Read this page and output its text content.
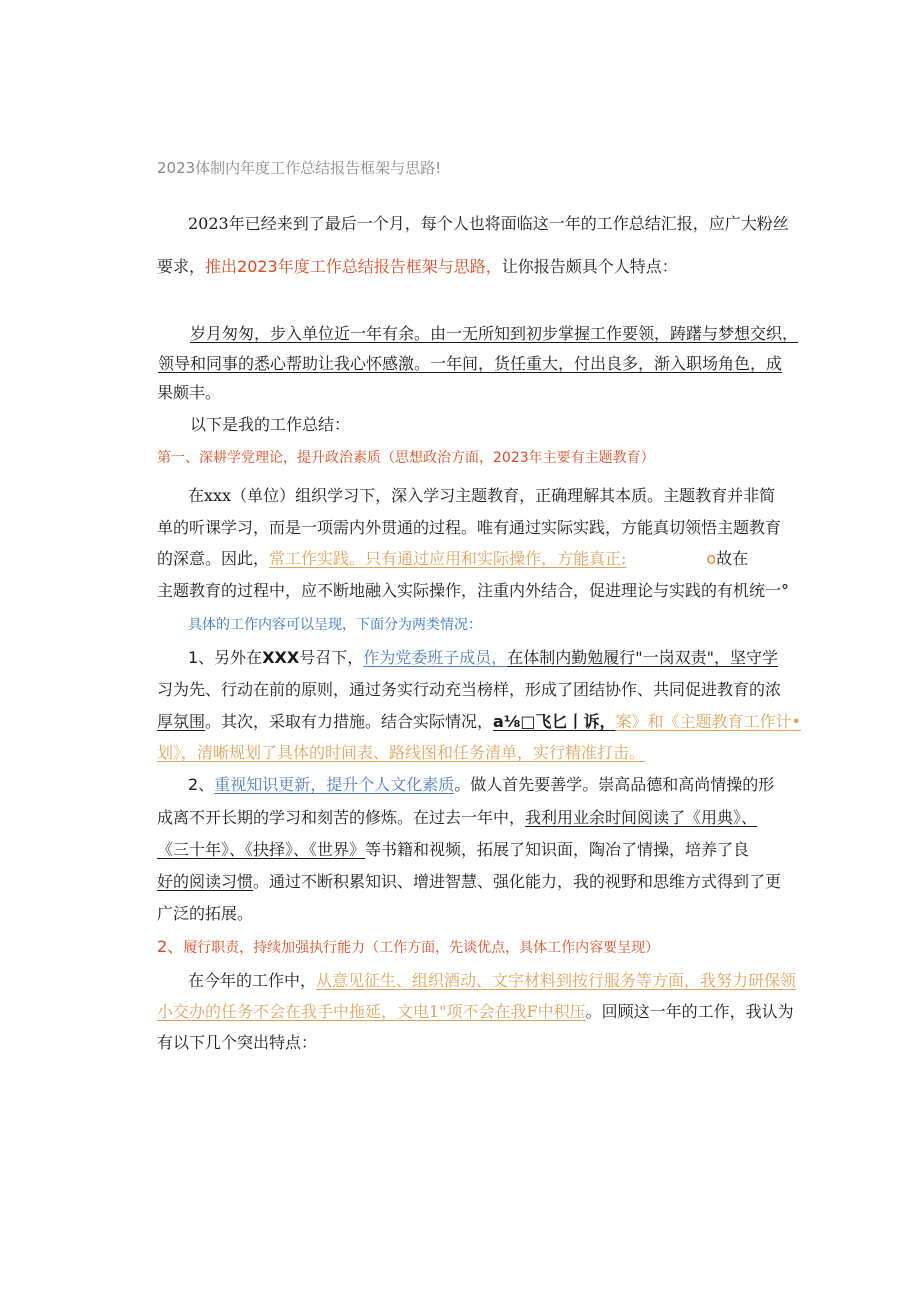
2023体制内年度工作总结报告框架与思路!
2023年已经来到了最后一个月，每个人也将面临这一年的工作总结汇报，应广大粉丝
要求，推出2023年度工作总结报告框架与思路，让你报告颇具个人特点：
岁月匆匆，步入单位近一年有余。由一无所知到初步掌握工作要领，踌躇与梦想交织，
领导和同事的悉心帮助让我心怀感激。一年间，货任重大，付出良多，渐入职场角色，成
果颇丰。
以下是我的工作总结：
第一、深耕学党理论，提升政治素质（思想政治方面，2023年主要有主题教育）
在xxx（单位）组织学习下，深入学习主题教育，正确理解其本质。主题教育并非简
单的听课学习，而是一项需内外贯通的过程。唯有通过实际实践，方能真切领悟主题教育
的深意。因此，常工作实践。只有通过应用和实际操作，方能真正:	o故在
主题教育的过程中，应不断地融入实际操作，注重内外结合，促进理论与实践的有机统一°
具体的工作内容可以呈现，下面分为两类情况：
1、另外在XXX号召下，作为党委班子成员，在体制内勤勉履行"一岗双责"，坚守学
习为先、行动在前的原则，通过务实行动充当榜样，形成了团结协作、共同促进教育的浓
厚氛围。其次，采取有力措施。结合实际情况，a⅛□飞匕丨诉，案》和《主题教育工作计•
划》，清晰规划了具体的时间表、路线图和任务清单，实行精准打击。
2、重视知识更新，提升个人文化素质。做人首先要善学。崇高品德和高尚情操的形
成离不开长期的学习和刻苦的修炼。在过去一年中，我利用业余时间阅读了《用典》、
《三十年》、《抉择》、《世界》等书籍和视频，拓展了知识面，陶冶了情操，培养了良
好的阅读习惯。通过不断积累知识、增进智慧、强化能力，我的视野和思维方式得到了更
广泛的拓展。
2、履行职责，持续加强执行能力（工作方面，先谈优点，具体工作内容要呈现）
在今年的工作中，从意见征生、组织酒动、文字材料到按行服务等方面，我努力研保领
小交办的任务不会在我手中拖延，文电1"项不会在我F中积压。回顾这一年的工作，我认为
有以下几个突出特点：
